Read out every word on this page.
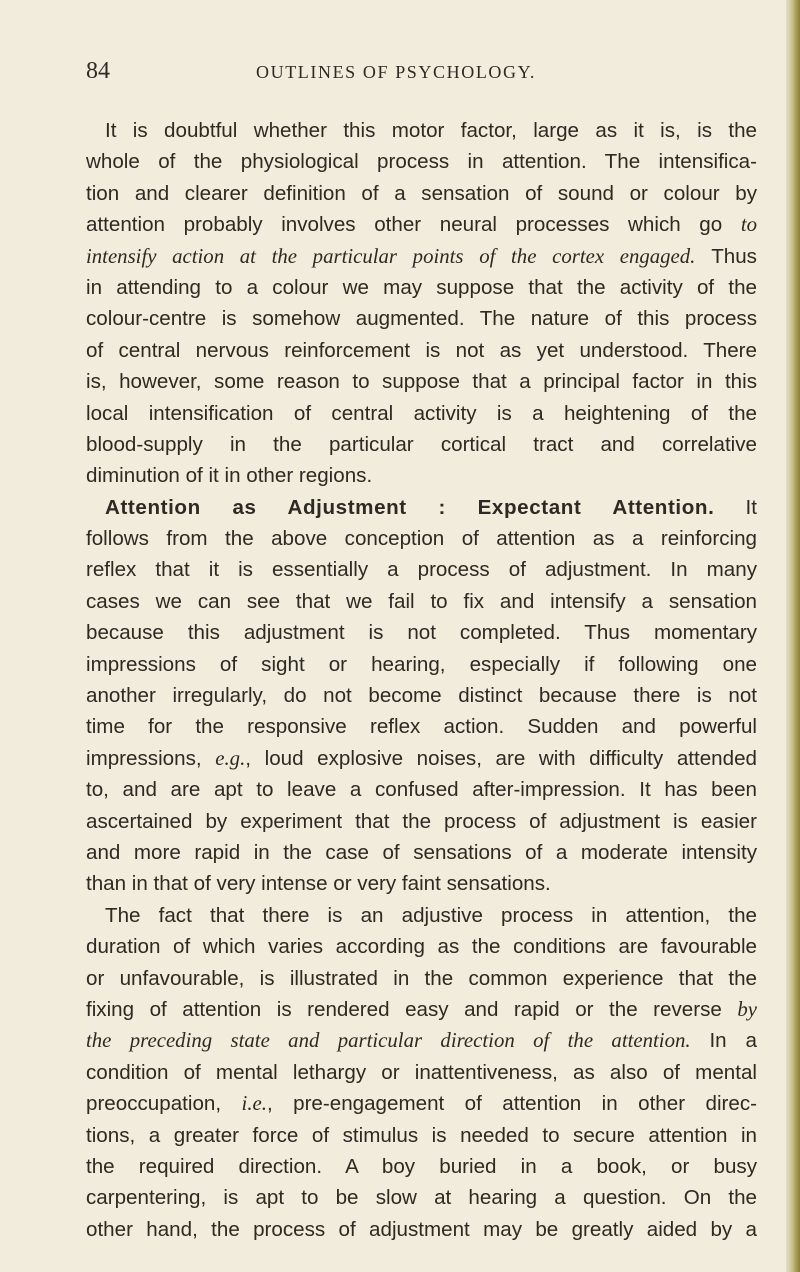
84	OUTLINES OF PSYCHOLOGY.
It is doubtful whether this motor factor, large as it is, is the
whole of the physiological process in attention. The intensifica-
tion and clearer definition of a sensation of sound or colour by
attention probably involves other neural processes which go to
intensify action at the particular points of the cortex engaged. Thus
in attending to a colour we may suppose that the activity of the
colour-centre is somehow augmented. The nature of this process
of central nervous reinforcement is not as yet understood. There
is, however, some reason to suppose that a principal factor in this
local intensification of central activity is a heightening of the
blood-supply in the particular cortical tract and correlative
diminution of it in other regions.
Attention as Adjustment : Expectant Attention. It
follows from the above conception of attention as a reinforcing
reflex that it is essentially a process of adjustment. In many
cases we can see that we fail to fix and intensify a sensation
because this adjustment is not completed. Thus momentary
impressions of sight or hearing, especially if following one
another irregularly, do not become distinct because there is not
time for the responsive reflex action. Sudden and powerful
impressions, e.g., loud explosive noises, are with difficulty attended
to, and are apt to leave a confused after-impression. It has been
ascertained by experiment that the process of adjustment is easier
and more rapid in the case of sensations of a moderate intensity
than in that of very intense or very faint sensations.
The fact that there is an adjustive process in attention, the
duration of which varies according as the conditions are favourable
or unfavourable, is illustrated in the common experience that the
fixing of attention is rendered easy and rapid or the reverse by
the preceding state and particular direction of the attention. In a
condition of mental lethargy or inattentiveness, as also of mental
preoccupation, i.e., pre-engagement of attention in other direc-
tions, a greater force of stimulus is needed to secure attention in
the required direction. A boy buried in a book, or busy
carpentering, is apt to be slow at hearing a question. On the
other hand, the process of adjustment may be greatly aided by a
